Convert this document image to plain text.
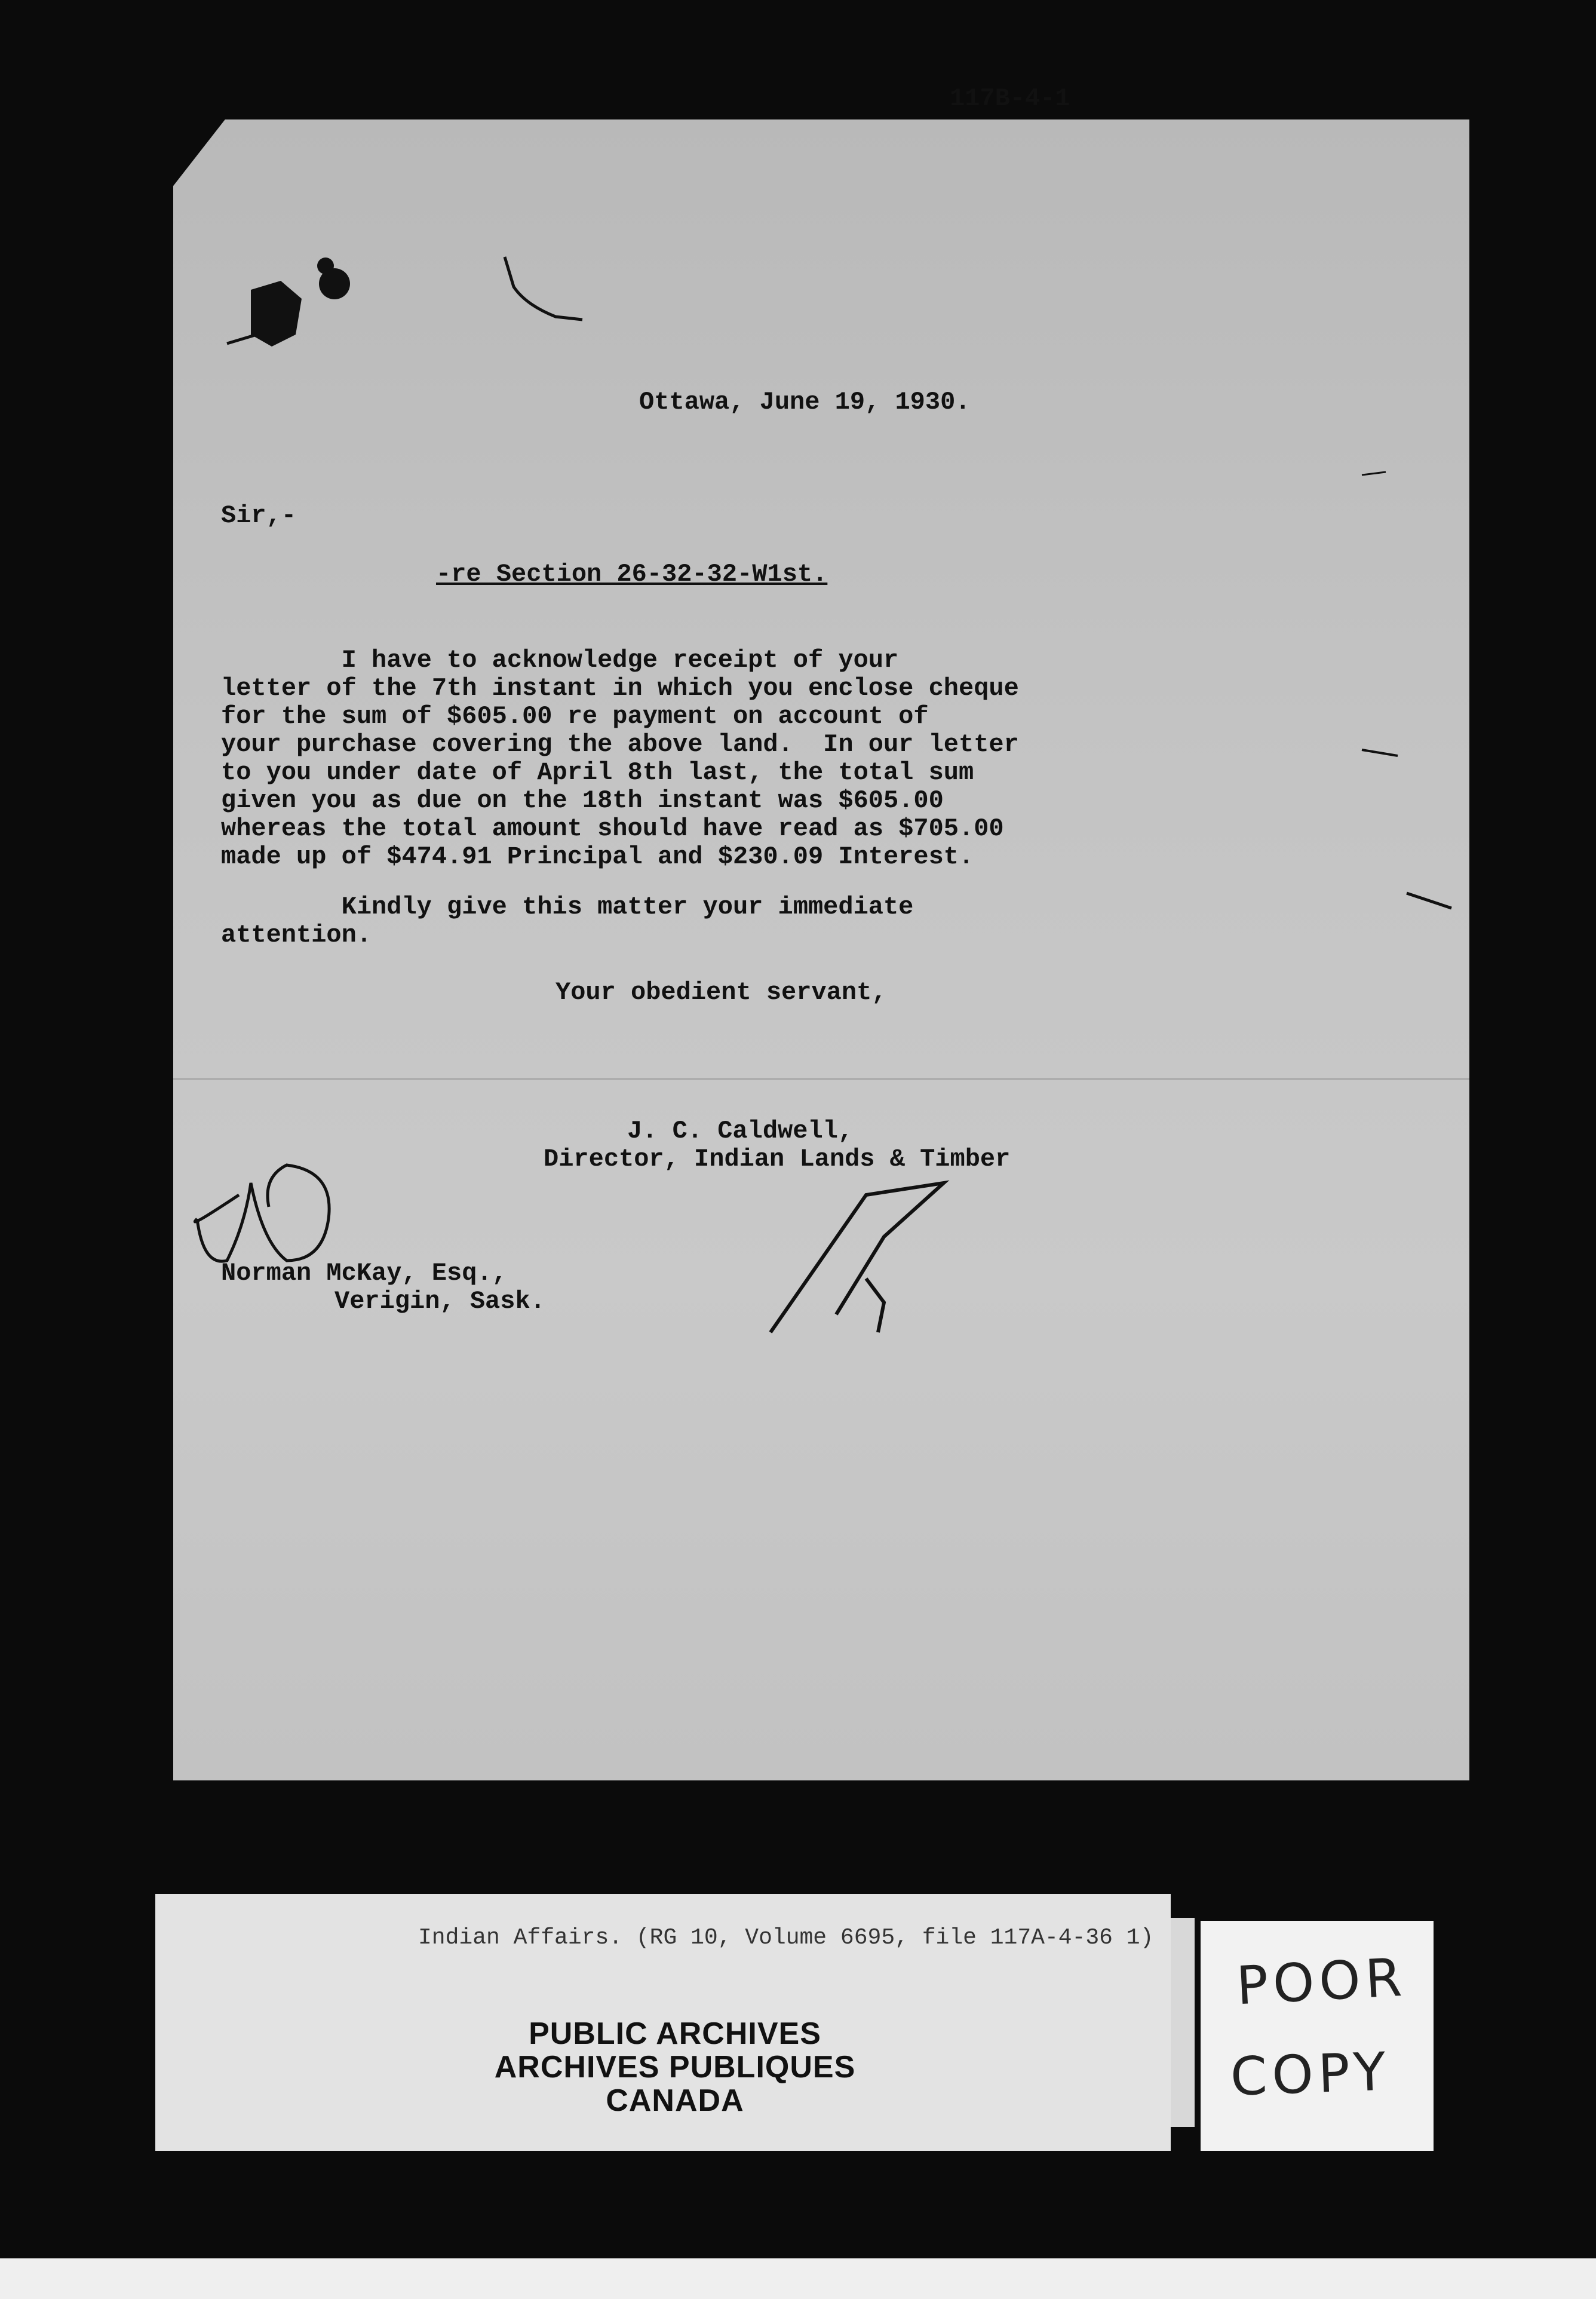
117B-4-1
Ottawa, June 19, 1930.
Sir,-
-re Section 26-32-32-W1st.
I have to acknowledge receipt of your
letter of the 7th instant in which you enclose cheque
for the sum of $605.00 re payment on account of
your purchase covering the above land.  In our letter
to you under date of April 8th last, the total sum
given you as due on the 18th instant was $605.00
whereas the total amount should have read as $705.00
made up of $474.91 Principal and $230.09 Interest.
Kindly give this matter your immediate
attention.
Your obedient servant,
J. C. Caldwell,
Director, Indian Lands & Timber
Norman McKay, Esq.,
Verigin, Sask.
Indian Affairs. (RG 10, Volume 6695, file 117A-4-36 1)
PUBLIC ARCHIVES
ARCHIVES PUBLIQUES
CANADA
POOR
COPY
